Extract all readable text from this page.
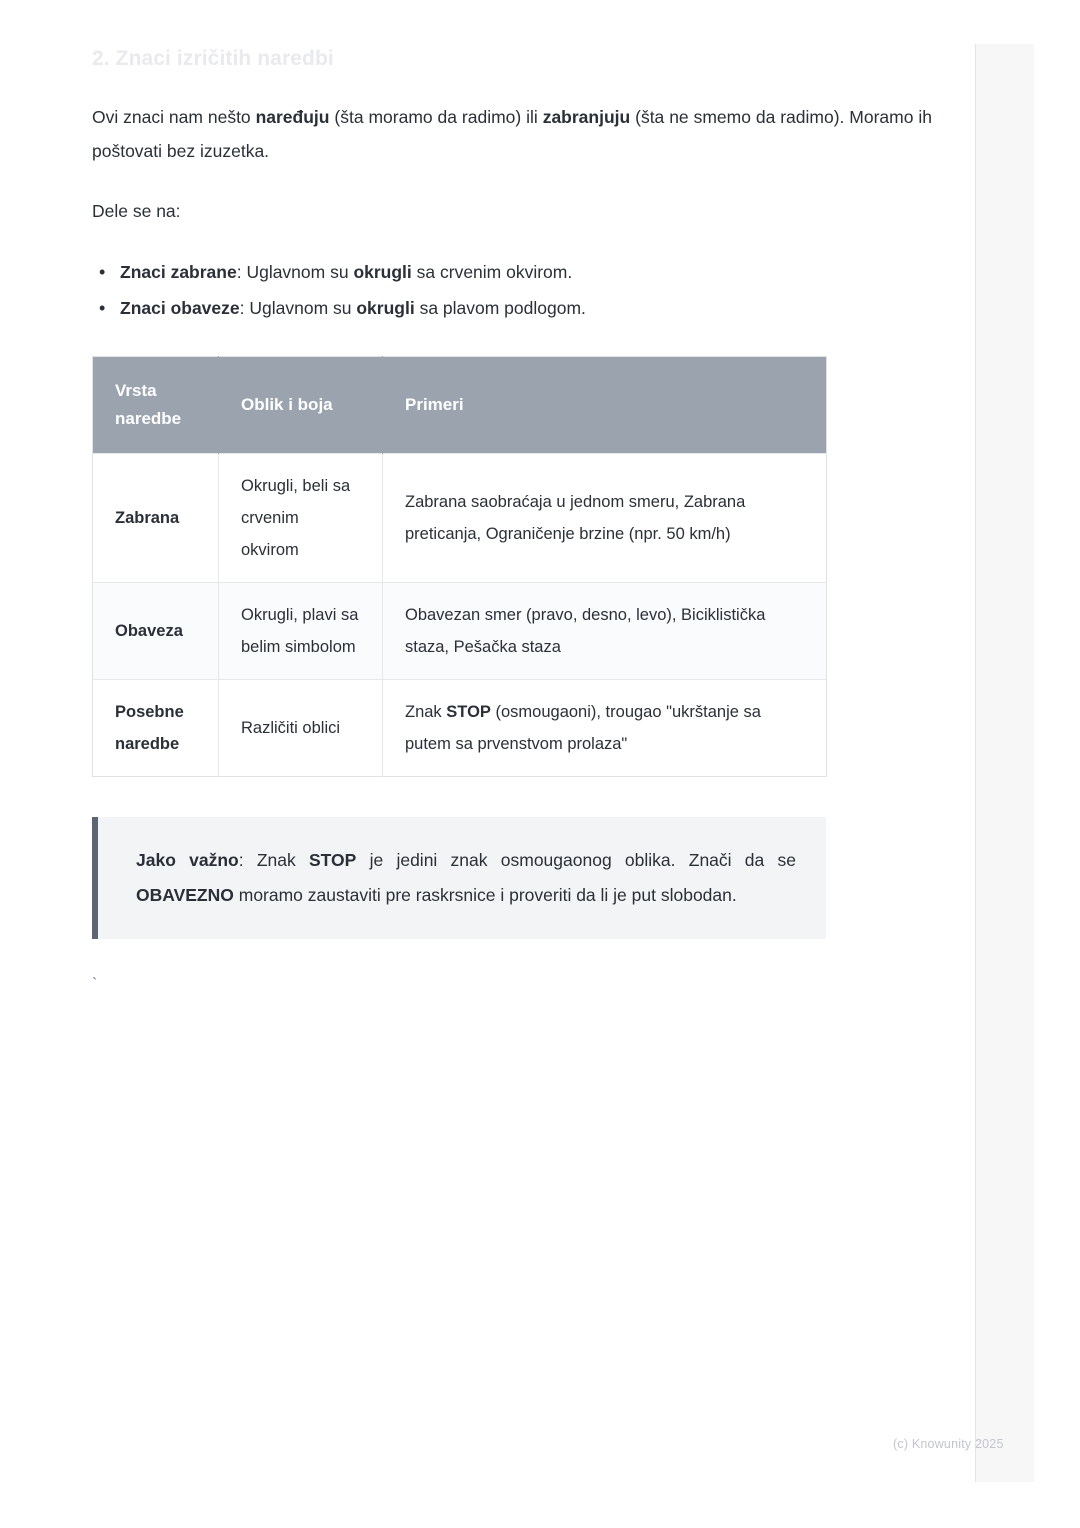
2. Znaci izričitih naredbi

Ovi znaci nam nešto naređuju (šta moramo da radimo) ili zabranjuju (šta ne smemo da radimo). Moramo ih poštovati bez izuzetka.

Dele se na:

• Znaci zabrane: Uglavnom su okrugli sa crvenim okvirom.
• Znaci obaveze: Uglavnom su okrugli sa plavom podlogom.
Vrsta naredbe	Oblik i boja	Primeri
Zabrana	Okrugli, beli sa crvenim okvirom	Zabrana saobraćaja u jednom smeru, Zabrana preticanja, Ograničenje brzine (npr. 50 km/h)
Obaveza	Okrugli, plavi sa belim simbolom	Obavezan smer (pravo, desno, levo), Biciklistička staza, Pešačka staza
Posebne naredbe	Različiti oblici	Znak STOP (osmougaoni), trougao "ukrštanje sa putem sa prvenstvom prolaza"
Jako važno: Znak STOP je jedini znak osmougaonog oblika. Znači da se OBAVEZNO moramo zaustaviti pre raskrsnice i proveriti da li je put slobodan.
`
(c) Knowunity 2025
